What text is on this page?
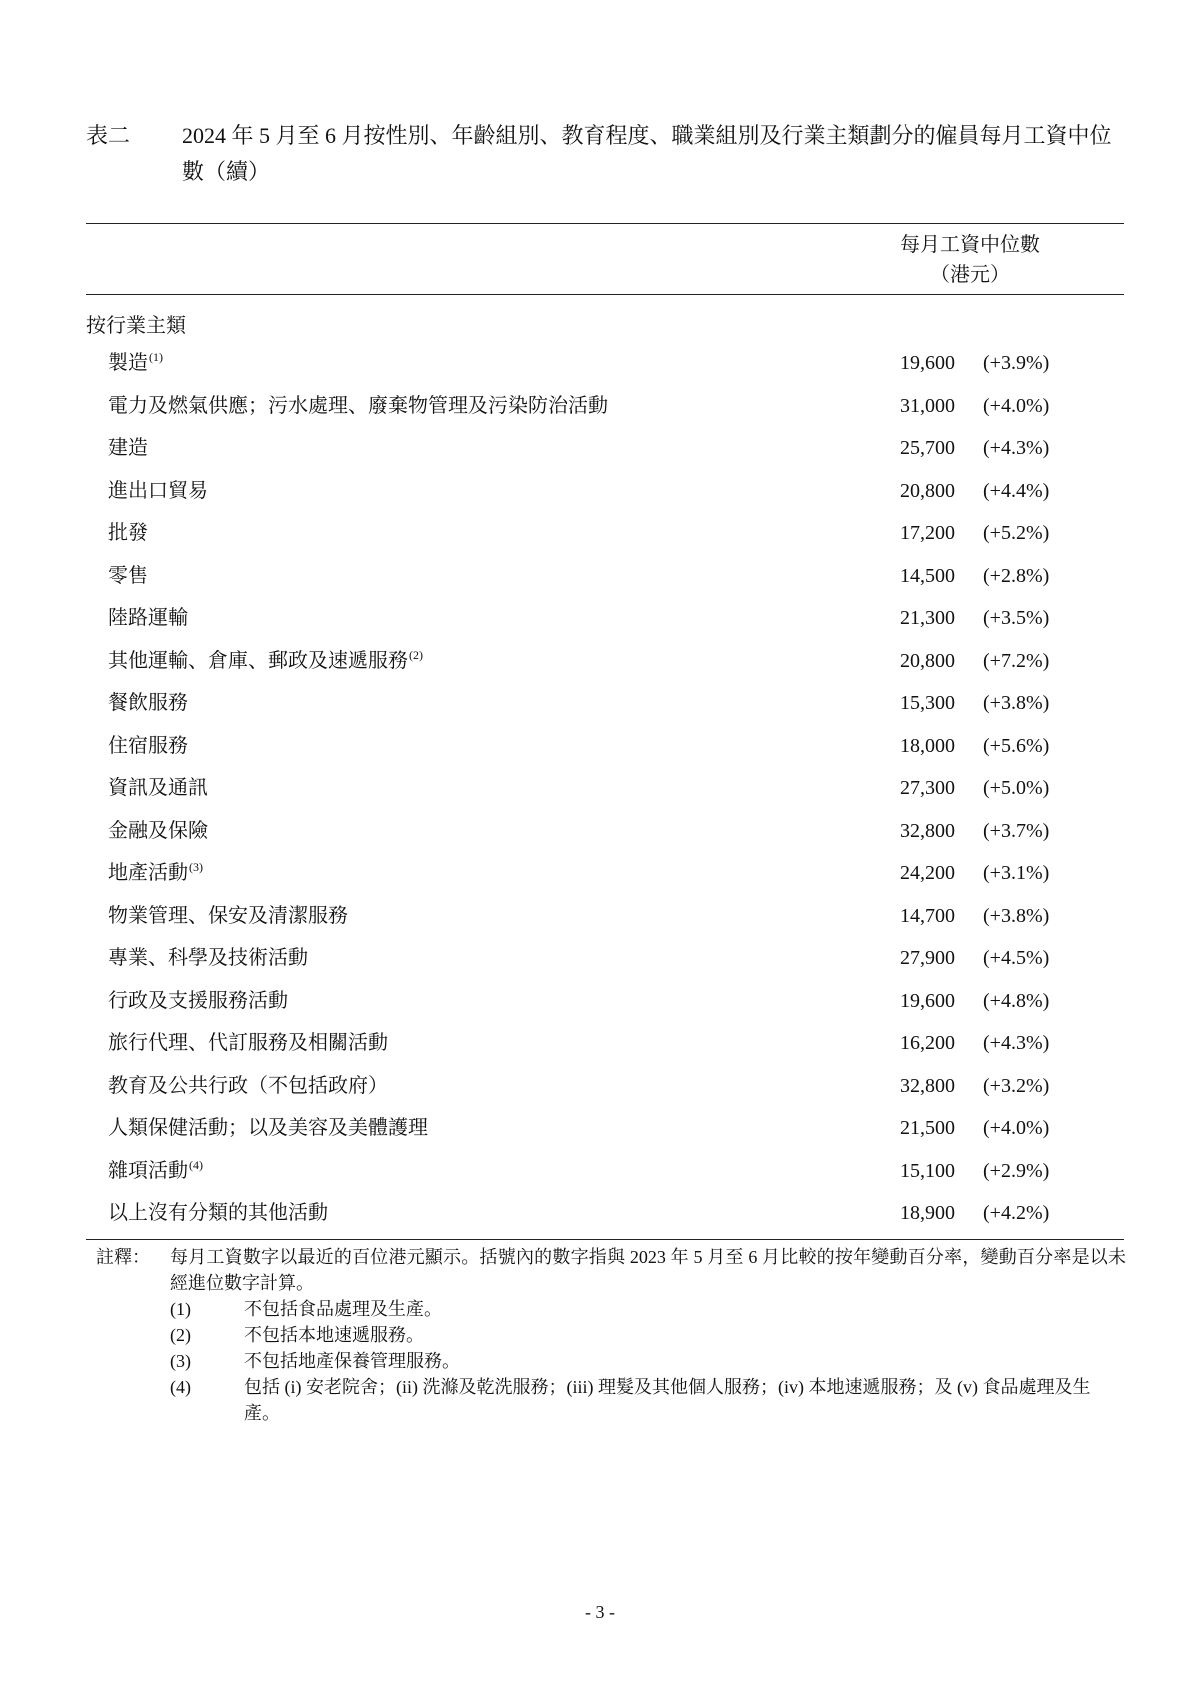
表二 2024 年 5 月至 6 月按性別、年齡組別、教育程度、職業組別及行業主類劃分的僱員每月工資中位數（續）
每月工資中位數
（港元）
按行業主類
製造$^{(1)}$	19,600 (+3.9%)
電力及燃氣供應；污水處理、廢棄物管理及污染防治活動	31,000 (+4.0%)
建造	25,700 (+4.3%)
進出口貿易	20,800 (+4.4%)
批發	17,200 (+5.2%)
零售	14,500 (+2.8%)
陸路運輸	21,300 (+3.5%)
其他運輸、倉庫、郵政及速遞服務$^{(2)}$	20,800 (+7.2%)
餐飲服務	15,300 (+3.8%)
住宿服務	18,000 (+5.6%)
資訊及通訊	27,300 (+5.0%)
金融及保險	32,800 (+3.7%)
地產活動$^{(3)}$	24,200 (+3.1%)
物業管理、保安及清潔服務	14,700 (+3.8%)
專業、科學及技術活動	27,900 (+4.5%)
行政及支援服務活動	19,600 (+4.8%)
旅行代理、代訂服務及相關活動	16,200 (+4.3%)
教育及公共行政（不包括政府）	32,800 (+3.2%)
人類保健活動；以及美容及美體護理	21,500 (+4.0%)
雜項活動$^{(4)}$	15,100 (+2.9%)
以上沒有分類的其他活動	18,900 (+4.2%)
註釋： 每月工資數字以最近的百位港元顯示。括號內的數字指與 2023 年 5 月至 6 月比較的按年變動百分率，變動百分率是以未經進位數字計算。
(1)	不包括食品處理及生產。
(2)	不包括本地速遞服務。
(3)	不包括地產保養管理服務。
(4)	包括 (i) 安老院舍；(ii) 洗滌及乾洗服務；(iii) 理髮及其他個人服務；(iv) 本地速遞服務；及 (v) 食品處理及生產。
- 3 -
